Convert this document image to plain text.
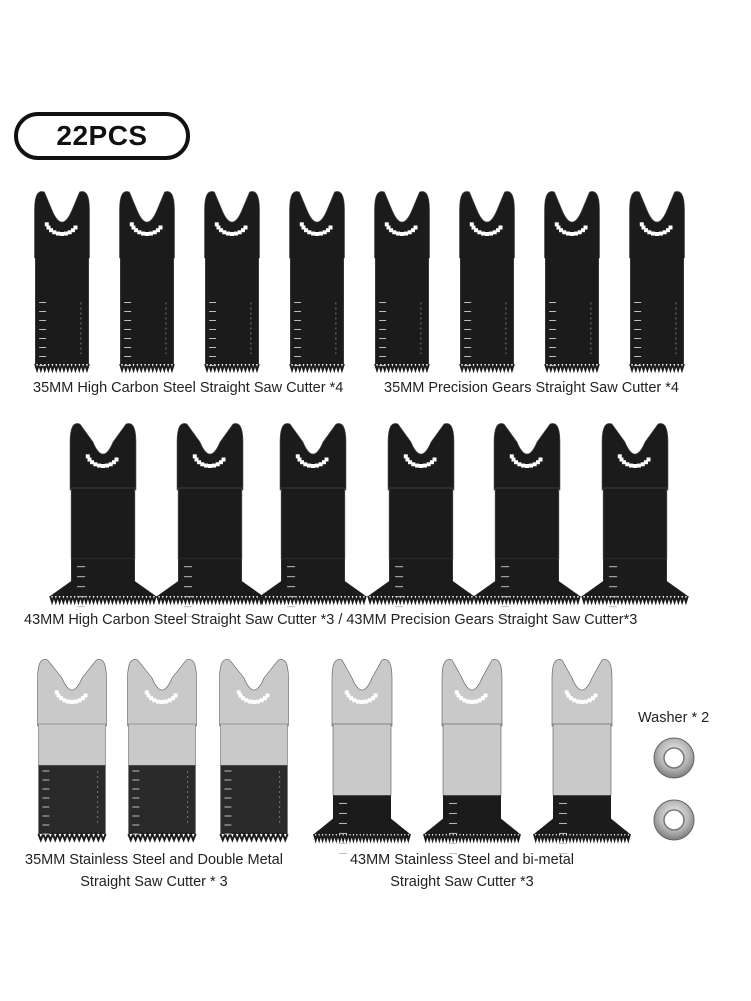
22PCS
35MM High Carbon Steel Straight Saw Cutter *4	35MM Precision Gears Straight Saw Cutter *4
43MM High Carbon Steel Straight Saw Cutter *3 / 43MM Precision Gears Straight Saw Cutter*3
35MM Stainless Steel and Double Metal
Straight Saw Cutter * 3
43MM Stainless Steel and bi-metal
Straight Saw Cutter *3
Washer * 2
